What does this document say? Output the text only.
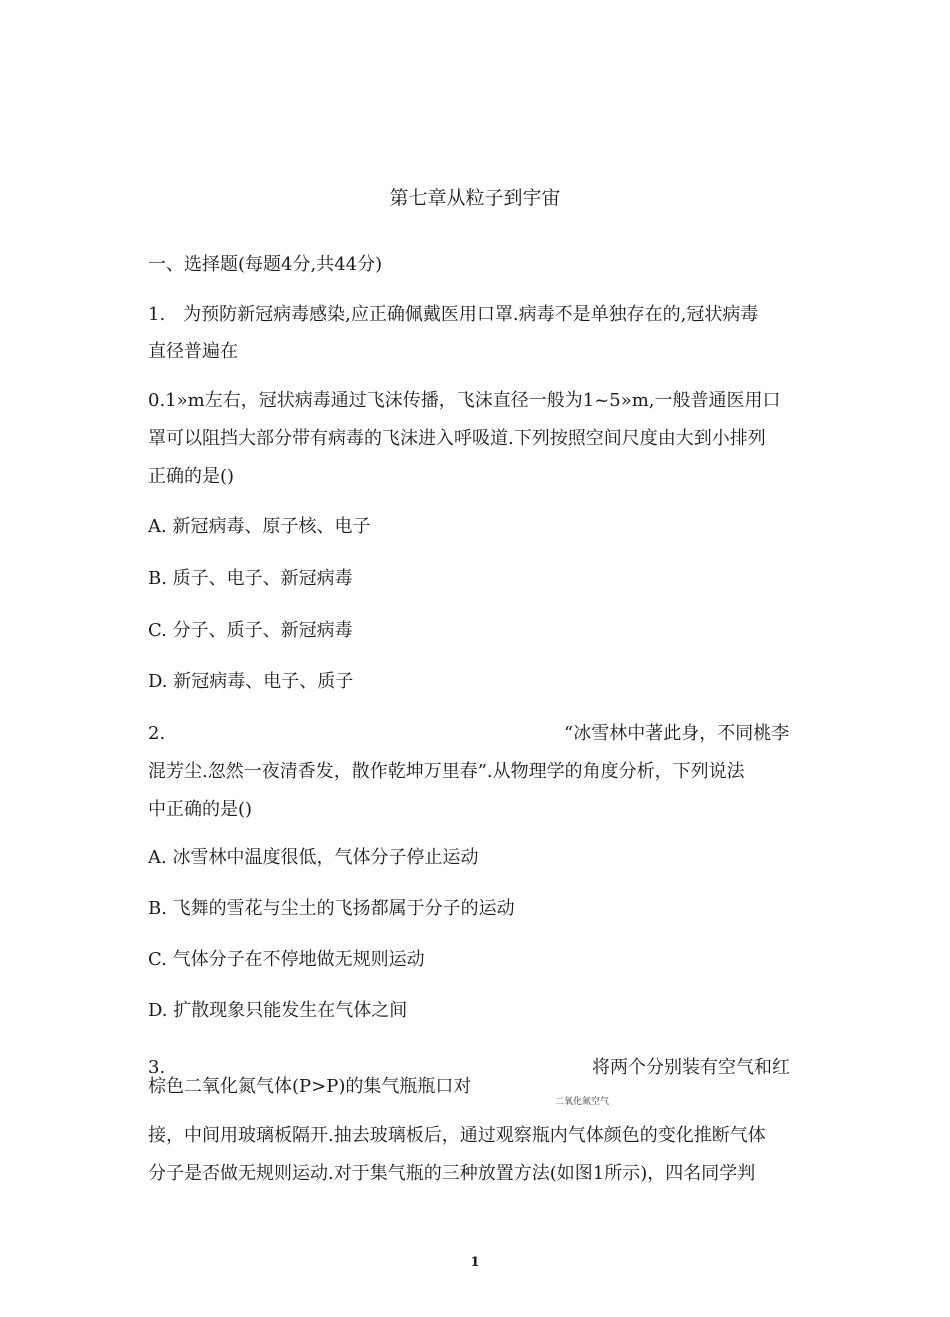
第七章从粒子到宇宙
一、选择题(每题4分,共44分)
1.　为预防新冠病毒感染,应正确佩戴医用口罩.病毒不是单独存在的,冠状病毒
直径普遍在
0.1»m左右，冠状病毒通过飞沫传播，飞沫直径一般为1~5»m,一般普通医用口
罩可以阻挡大部分带有病毒的飞沫进入呼吸道.下列按照空间尺度由大到小排列
正确的是()
A. 新冠病毒、原子核、电子
B. 质子、电子、新冠病毒
C. 分子、质子、新冠病毒
D. 新冠病毒、电子、质子
2.	“冰雪林中著此身，不同桃李
混芳尘.忽然一夜清香发，散作乾坤万里春”.从物理学的角度分析，下列说法
中正确的是()
A. 冰雪林中温度很低，气体分子停止运动
B. 飞舞的雪花与尘土的飞扬都属于分子的运动
C. 气体分子在不停地做无规则运动
D. 扩散现象只能发生在气体之间
3.	将两个分别装有空气和红
棕色二氧化氮气体(P>P)的集气瓶瓶口对
二氧化氮空气
接，中间用玻璃板隔开.抽去玻璃板后，通过观察瓶内气体颜色的变化推断气体
分子是否做无规则运动.对于集气瓶的三种放置方法(如图1所示)，四名同学判
1
